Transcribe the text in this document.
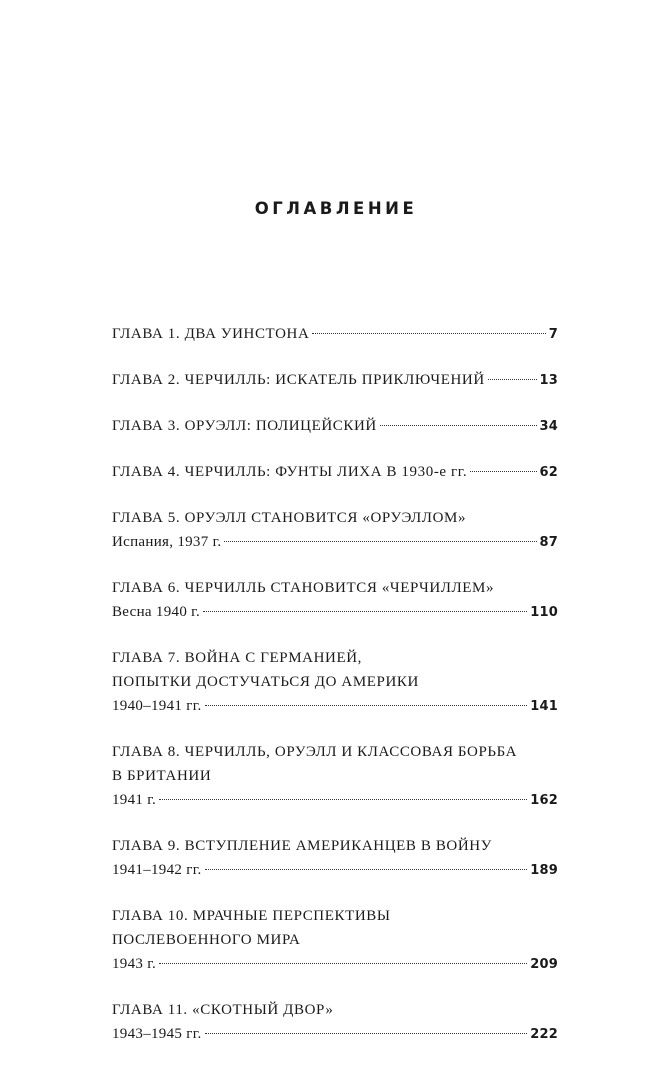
ОГЛАВЛЕНИЕ
ГЛАВА 1. ДВА УИНСТОНА	7
ГЛАВА 2. ЧЕРЧИЛЛЬ: ИСКАТЕЛЬ ПРИКЛЮЧЕНИЙ	13
ГЛАВА 3. ОРУЭЛЛ: ПОЛИЦЕЙСКИЙ	34
ГЛАВА 4. ЧЕРЧИЛЛЬ: ФУНТЫ ЛИХА В 1930-е гг.	62
ГЛАВА 5. ОРУЭЛЛ СТАНОВИТСЯ «ОРУЭЛЛОМ»
Испания, 1937 г.	87
ГЛАВА 6. ЧЕРЧИЛЛЬ СТАНОВИТСЯ «ЧЕРЧИЛЛЕМ»
Весна 1940 г.	110
ГЛАВА 7. ВОЙНА С ГЕРМАНИЕЙ,
ПОПЫТКИ ДОСТУЧАТЬСЯ ДО АМЕРИКИ
1940–1941 гг.	141
ГЛАВА 8. ЧЕРЧИЛЛЬ, ОРУЭЛЛ И КЛАССОВАЯ БОРЬБА
В БРИТАНИИ
1941 г.	162
ГЛАВА 9. ВСТУПЛЕНИЕ АМЕРИКАНЦЕВ В ВОЙНУ
1941–1942 гг.	189
ГЛАВА 10. МРАЧНЫЕ ПЕРСПЕКТИВЫ
ПОСЛЕВОЕННОГО МИРА
1943 г.	209
ГЛАВА 11. «СКОТНЫЙ ДВОР»
1943–1945 гг.	222
